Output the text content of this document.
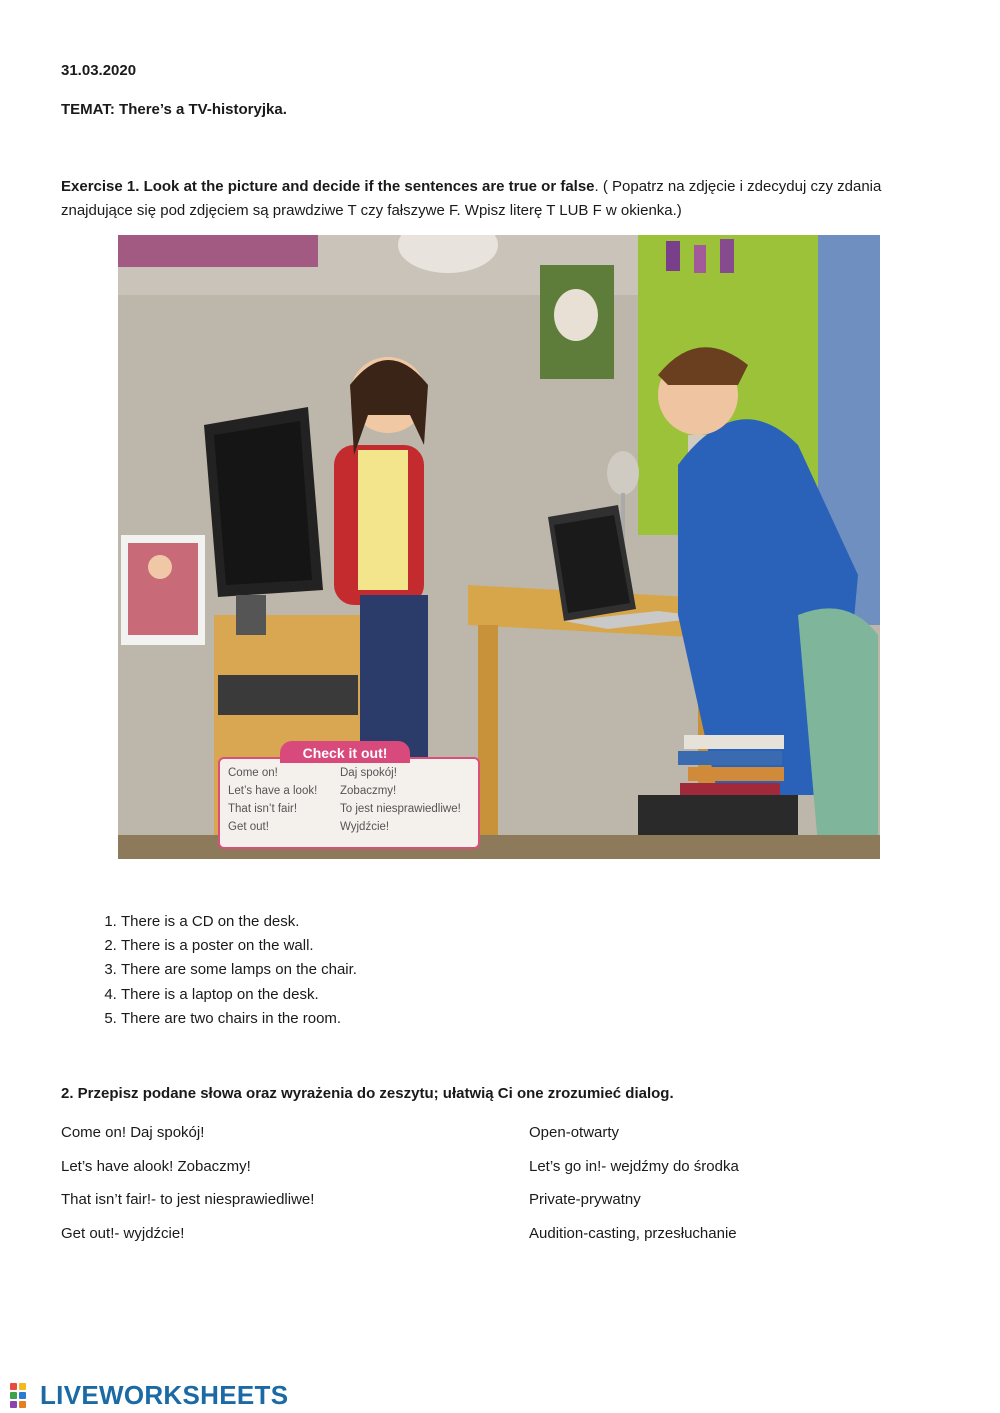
31.03.2020
TEMAT: There’s a TV-historyjka.
Exercise 1. Look at the picture and decide if the sentences are true or false. ( Popatrz na zdjęcie i zdecyduj czy zdania znajdujące się pod zdjęciem są prawdziwe T czy fałszywe F. Wpisz literę T LUB F w okienka.)
Check it out!
Come on!	Daj spokój!
Let’s have a look! Zobaczmy!
That isn’t fair!	To jest niesprawiedliwe!
Get out!	Wyjdźcie!
1. There is a CD on the desk.
2. There is a poster on the wall.
3. There are some lamps on the chair.
4. There is a laptop on the desk.
5. There are two chairs in the room.
2. Przepisz podane słowa oraz wyrażenia do zeszytu; ułatwią Ci one zrozumieć dialog.
Come on! Daj spokój!
Let’s have alook! Zobaczmy!
That isn’t fair!- to jest niesprawiedliwe!
Get out!- wyjdźcie!
Open-otwarty
Let’s go in!- wejdźmy do środka
Private-prywatny
Audition-casting, przesłuchanie
LIVEWORKSHEETS
